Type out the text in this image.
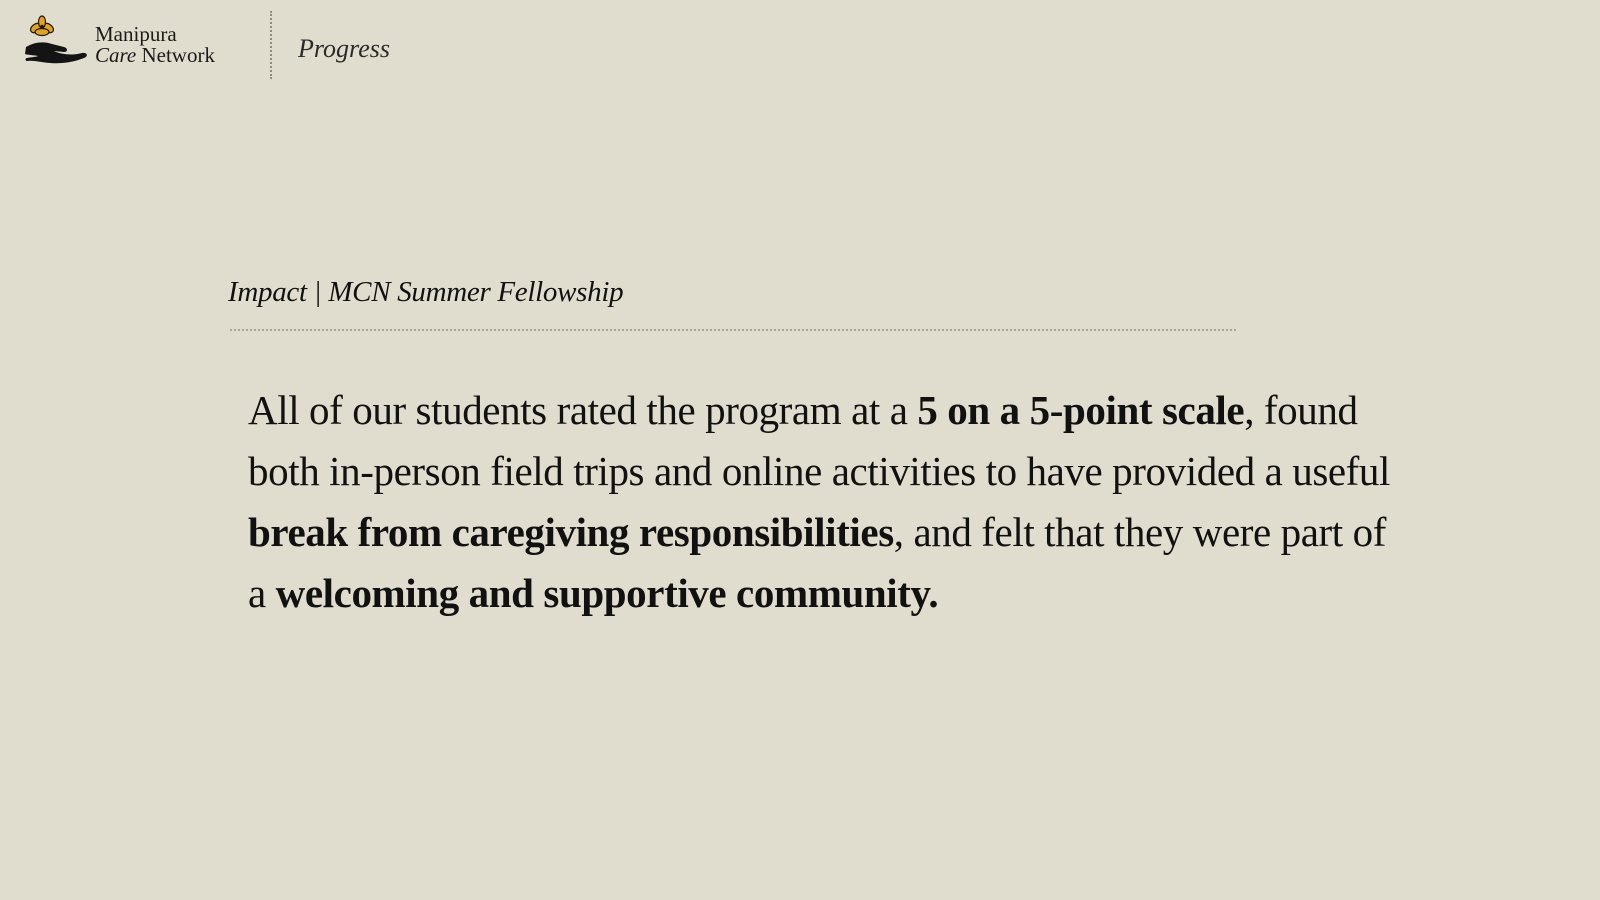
Manipura
Care Network	Progress
Impact | MCN Summer Fellowship

All of our students rated the program at a 5 on a 5-point scale, found both in-person field trips and online activities to have provided a useful break from caregiving responsibilities, and felt that they were part of a welcoming and supportive community.
